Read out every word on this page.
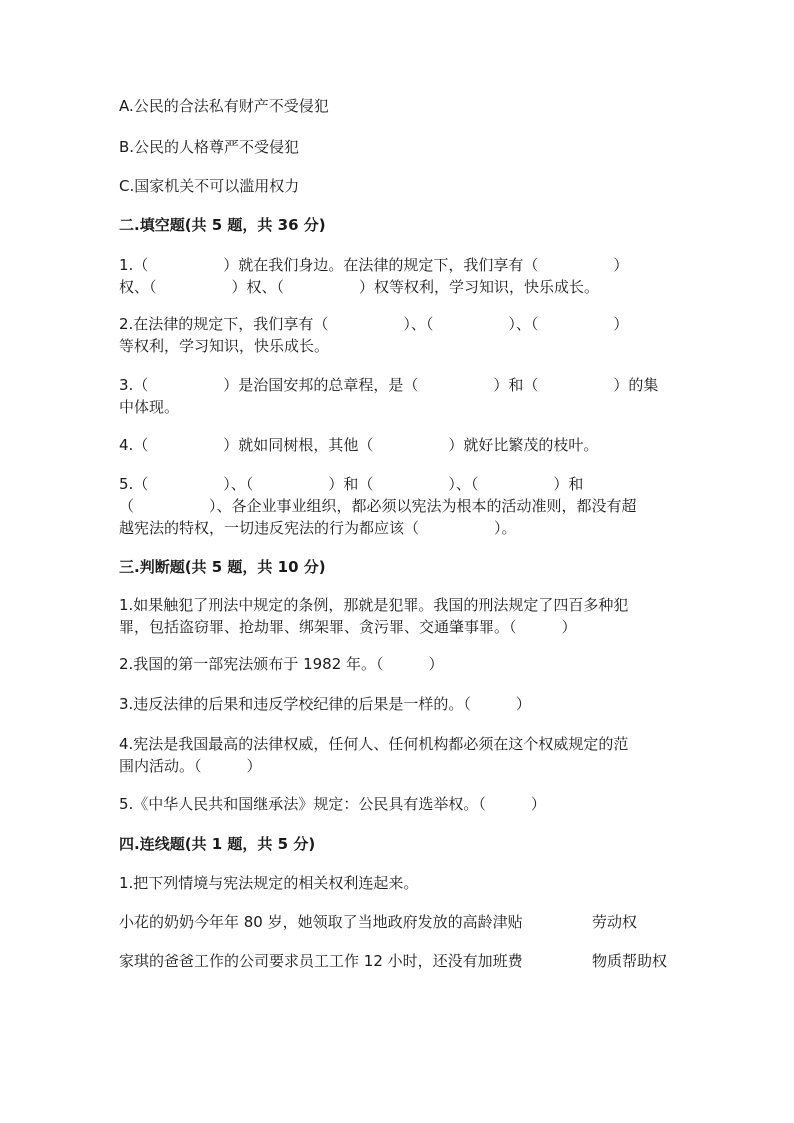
A.公民的合法私有财产不受侵犯
B.公民的人格尊严不受侵犯
C.国家机关不可以滥用权力
二.填空题(共 5 题，共 36 分)
1.（　　　　　）就在我们身边。在法律的规定下，我们享有（　　　　　）
权、（　　　　　）权、（　　　　　）权等权利，学习知识，快乐成长。
2.在法律的规定下，我们享有（　　　　　）、（　　　　　）、（　　　　　）
等权利，学习知识，快乐成长。
3.（　　　　　）是治国安邦的总章程，是（　　　　　）和（　　　　　）的集
中体现。
4.（　　　　　）就如同树根，其他（　　　　　）就好比繁茂的枝叶。
5.（　　　　　）、（　　　　　）和（　　　　　）、（　　　　　）和
（　　　　　）、各企业事业组织，都必须以宪法为根本的活动准则，都没有超
越宪法的特权，一切违反宪法的行为都应该（　　　　　）。
三.判断题(共 5 题，共 10 分)
1.如果触犯了刑法中规定的条例，那就是犯罪。我国的刑法规定了四百多种犯
罪，包括盗窃罪、抢劫罪、绑架罪、贪污罪、交通肇事罪。（　　　）
2.我国的第一部宪法颁布于 1982 年。（　　　）
3.违反法律的后果和违反学校纪律的后果是一样的。（　　　）
4.宪法是我国最高的法律权威，任何人、任何机构都必须在这个权威规定的范
围内活动。（　　　）
5.《中华人民共和国继承法》规定：公民具有选举权。（　　　）
四.连线题(共 1 题，共 5 分)
1.把下列情境与宪法规定的相关权利连起来。
小花的奶奶今年年 80 岁，她领取了当地政府发放的高龄津贴	劳动权
家琪的爸爸工作的公司要求员工工作 12 小时，还没有加班费	物质帮助权
